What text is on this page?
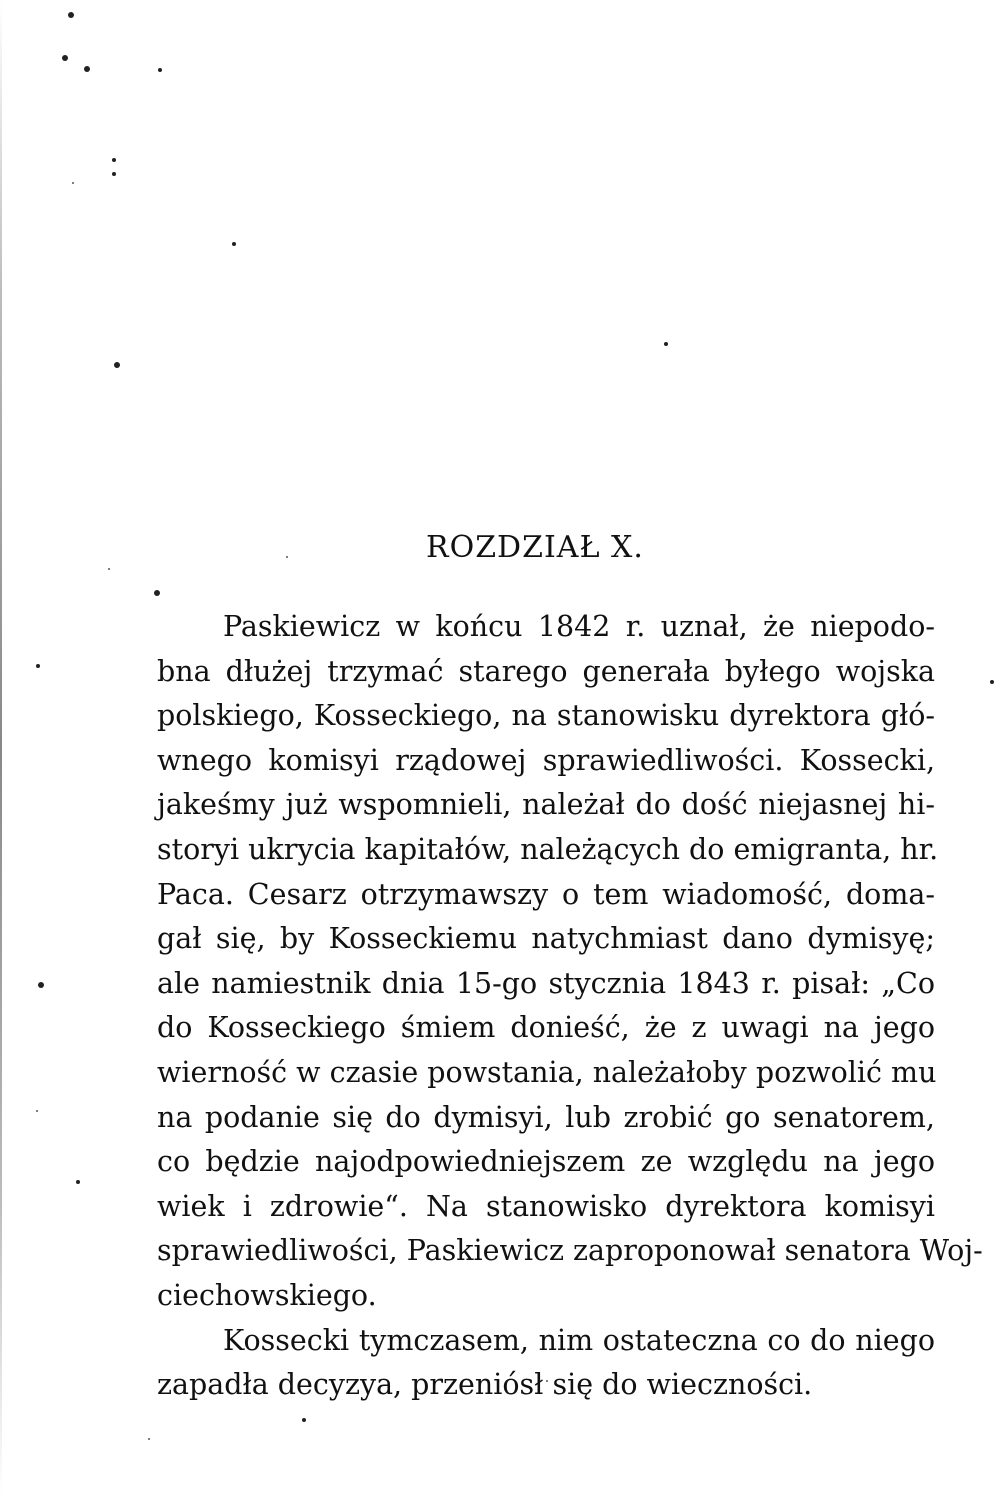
ROZDZIAŁ X.
Paskiewicz w końcu 1842 r. uznał, że niepodo-
bna dłużej trzymać starego generała byłego wojska
polskiego, Kosseckiego, na stanowisku dyrektora głó-
wnego komisyi rządowej sprawiedliwości. Kossecki,
jakeśmy już wspomnieli, należał do dość niejasnej hi-
storyi ukrycia kapitałów, należących do emigranta, hr.
Paca. Cesarz otrzymawszy o tem wiadomość, doma-
gał się, by Kosseckiemu natychmiast dano dymisyę;
ale namiestnik dnia 15-go stycznia 1843 r. pisał: „Co
do Kosseckiego śmiem donieść, że z uwagi na jego
wierność w czasie powstania, należałoby pozwolić mu
na podanie się do dymisyi, lub zrobić go senatorem,
co będzie najodpowiedniejszem ze względu na jego
wiek i zdrowie“. Na stanowisko dyrektora komisyi
sprawiedliwości, Paskiewicz zaproponował senatora Woj-
ciechowskiego.
Kossecki tymczasem, nim ostateczna co do niego
zapadła decyzya, przeniósł się do wieczności.
